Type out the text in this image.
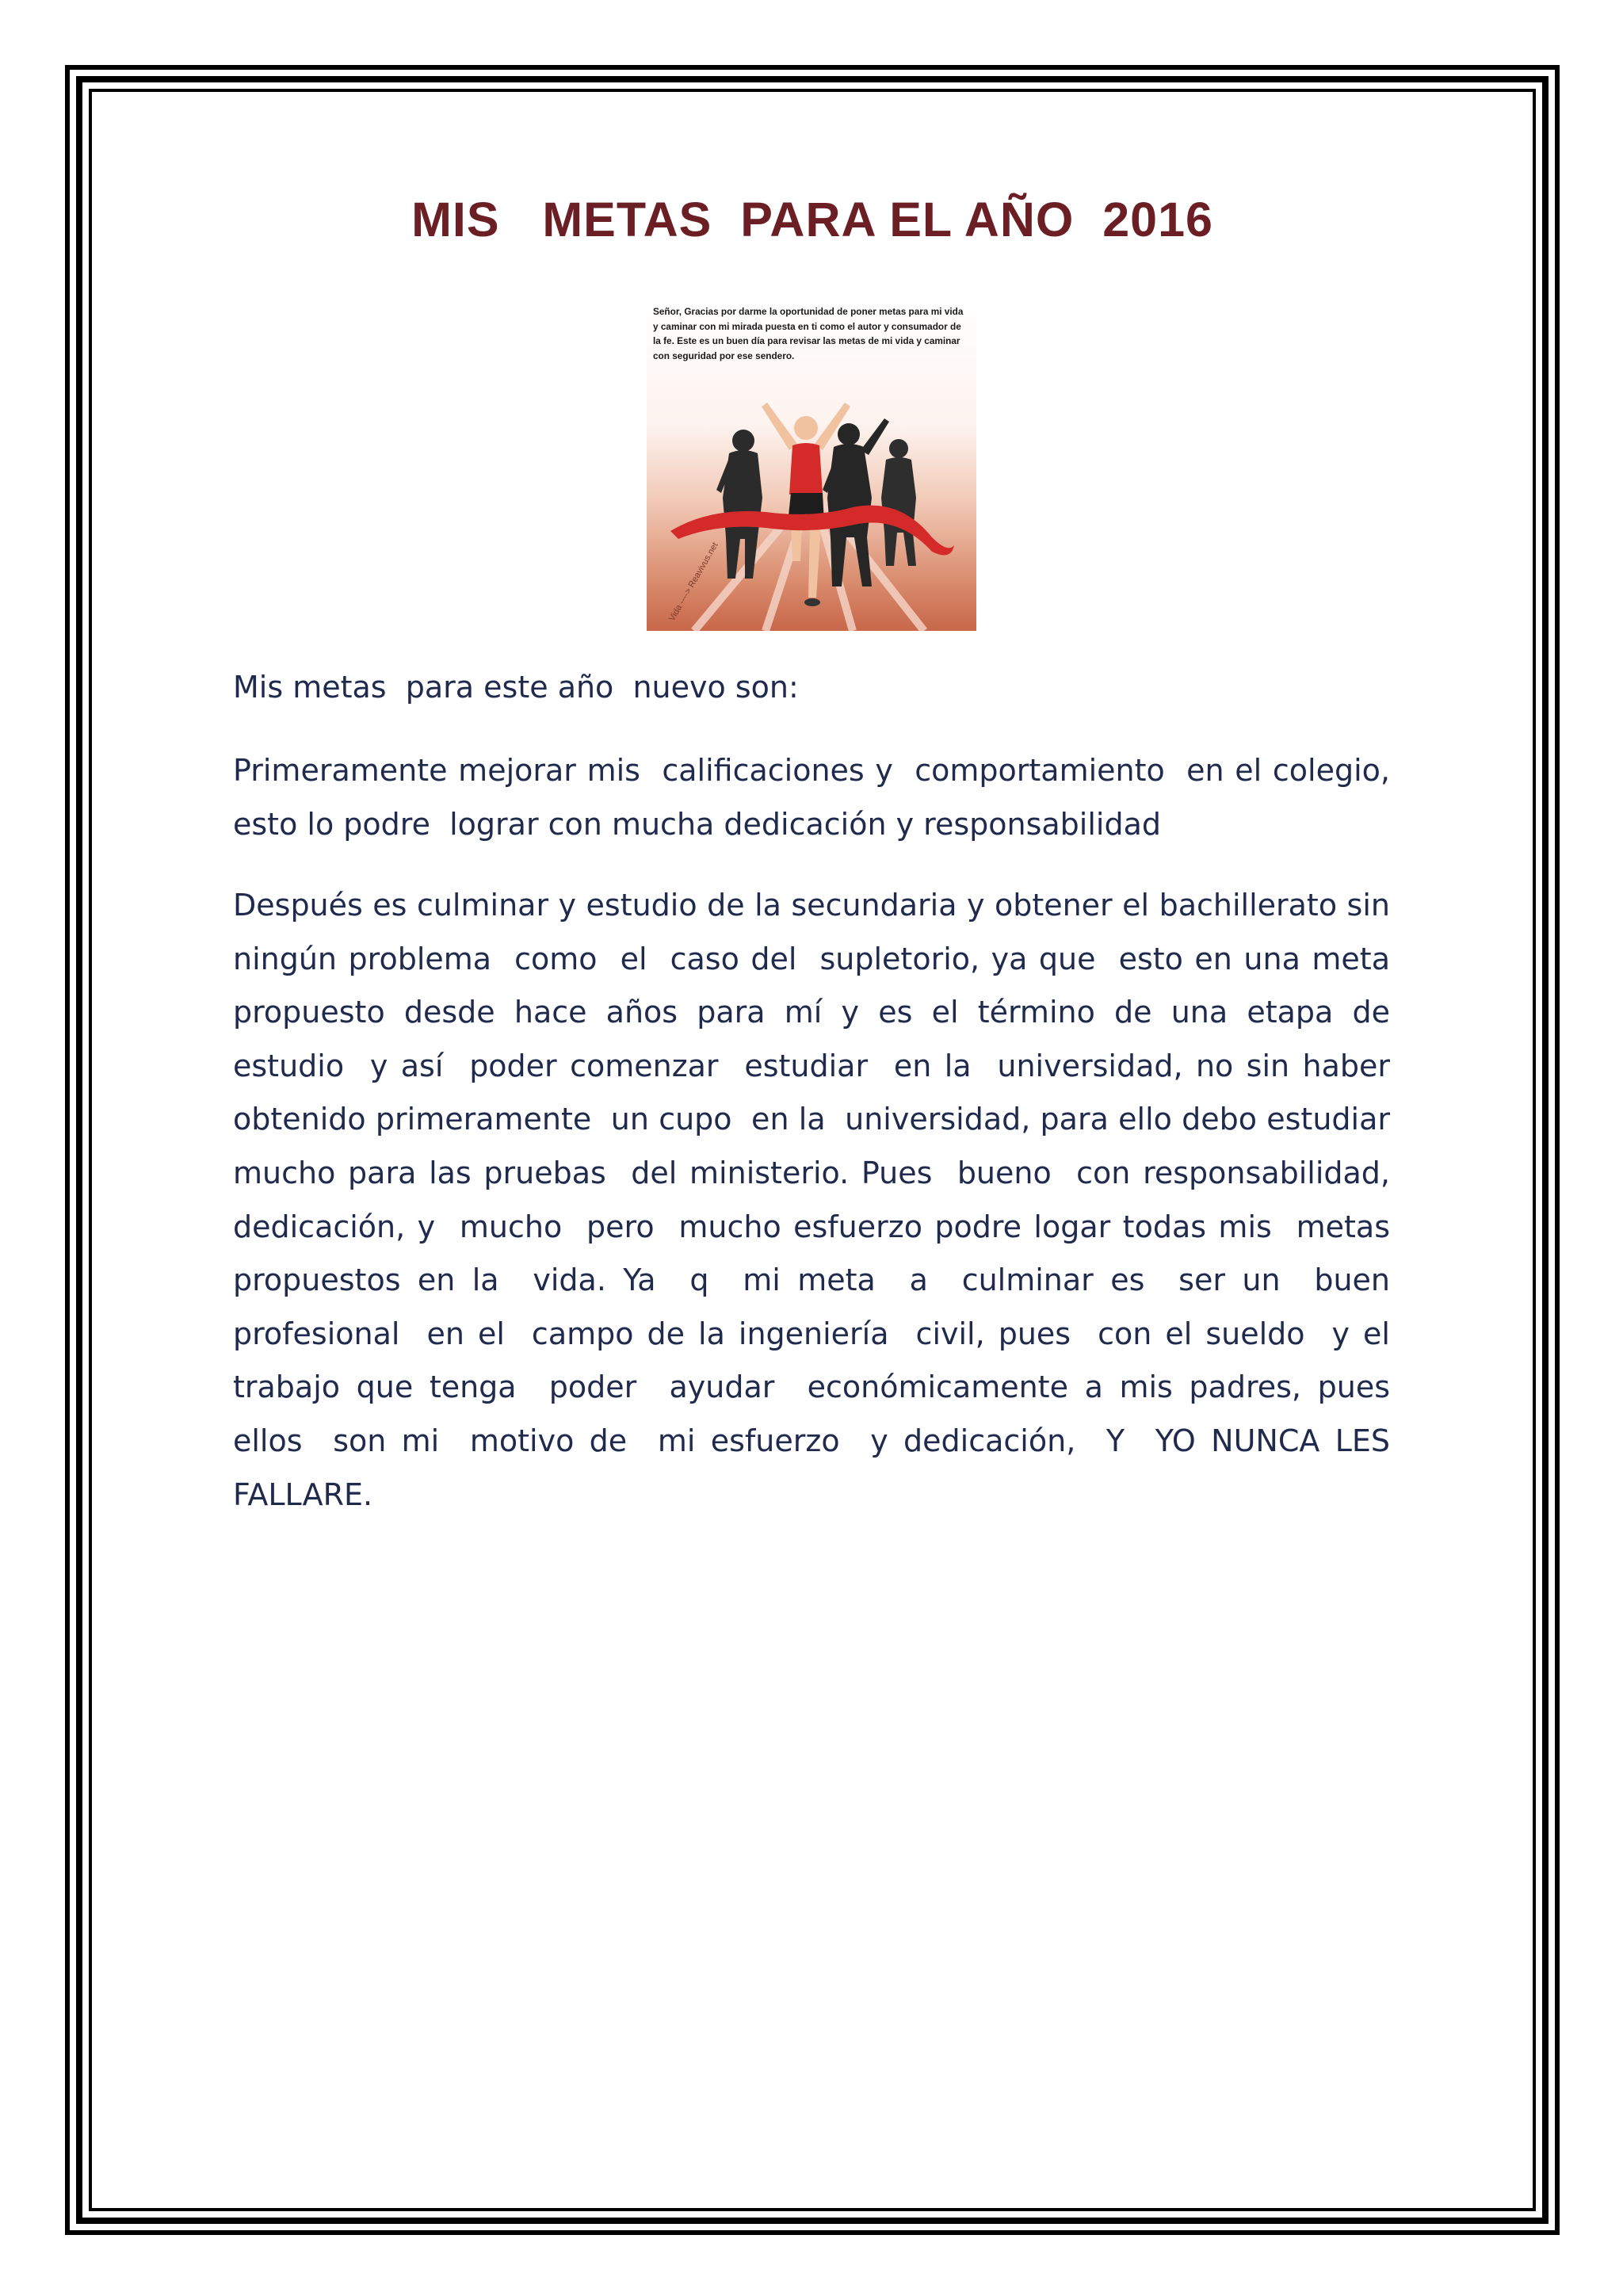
MIS   METAS  PARA EL AÑO  2016

Señor, Gracias por darme la oportunidad de poner metas para mi vida y caminar con mi mirada puesta en ti como el autor y consumador de la fe. Este es un buen día para revisar las metas de mi vida y caminar con seguridad por ese sendero.

Vida ----> Reavivus.net

Mis metas  para este año  nuevo son:

Primeramente mejorar mis  calificaciones y  comportamiento  en el colegio, esto lo podre  lograr con mucha dedicación y responsabilidad

Después es culminar y estudio de la secundaria y obtener el bachillerato sin ningún problema  como  el  caso del  supletorio, ya que  esto en una meta propuesto desde hace años para mí y es el término de una etapa de  estudio  y así  poder comenzar  estudiar  en la  universidad, no sin haber  obtenido primeramente  un cupo  en la  universidad, para ello debo estudiar  mucho para las pruebas  del ministerio. Pues  bueno  con responsabilidad, dedicación, y  mucho  pero  mucho esfuerzo podre logar todas mis  metas propuestos en la  vida. Ya  q  mi meta  a  culminar es  ser un  buen  profesional  en el  campo de la ingeniería  civil, pues  con el sueldo  y el trabajo que tenga  poder  ayudar  económicamente a mis padres, pues  ellos  son mi  motivo de  mi esfuerzo  y dedicación,  Y  YO NUNCA LES  FALLARE.
